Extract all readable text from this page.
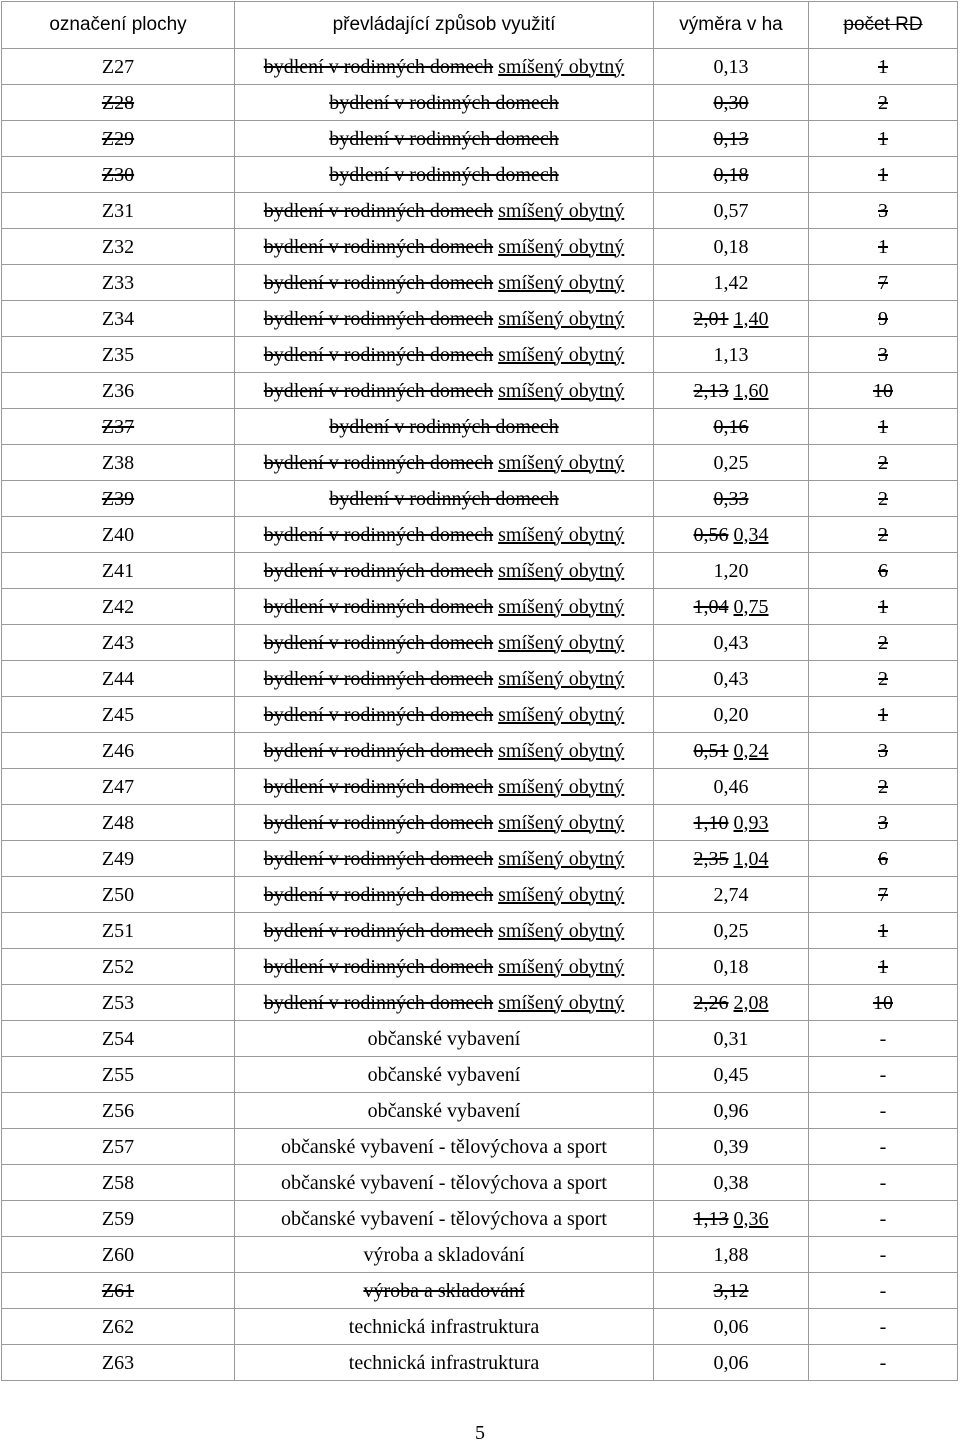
označení plochy	převládající způsob využití	výměra v ha	počet RD
Z27	bydlení v rodinných domech smíšený obytný	0,13	1
Z28	bydlení v rodinných domech	0,30	2
Z29	bydlení v rodinných domech	0,13	1
Z30	bydlení v rodinných domech	0,18	1
Z31	bydlení v rodinných domech smíšený obytný	0,57	3
Z32	bydlení v rodinných domech smíšený obytný	0,18	1
Z33	bydlení v rodinných domech smíšený obytný	1,42	7
Z34	bydlení v rodinných domech smíšený obytný	2,01 1,40	9
Z35	bydlení v rodinných domech smíšený obytný	1,13	3
Z36	bydlení v rodinných domech smíšený obytný	2,13 1,60	10
Z37	bydlení v rodinných domech	0,16	1
Z38	bydlení v rodinných domech smíšený obytný	0,25	2
Z39	bydlení v rodinných domech	0,33	2
Z40	bydlení v rodinných domech smíšený obytný	0,56 0,34	2
Z41	bydlení v rodinných domech smíšený obytný	1,20	6
Z42	bydlení v rodinných domech smíšený obytný	1,04 0,75	1
Z43	bydlení v rodinných domech smíšený obytný	0,43	2
Z44	bydlení v rodinných domech smíšený obytný	0,43	2
Z45	bydlení v rodinných domech smíšený obytný	0,20	1
Z46	bydlení v rodinných domech smíšený obytný	0,51 0,24	3
Z47	bydlení v rodinných domech smíšený obytný	0,46	2
Z48	bydlení v rodinných domech smíšený obytný	1,10 0,93	3
Z49	bydlení v rodinných domech smíšený obytný	2,35 1,04	6
Z50	bydlení v rodinných domech smíšený obytný	2,74	7
Z51	bydlení v rodinných domech smíšený obytný	0,25	1
Z52	bydlení v rodinných domech smíšený obytný	0,18	1
Z53	bydlení v rodinných domech smíšený obytný	2,26 2,08	10
Z54	občanské vybavení	0,31	-
Z55	občanské vybavení	0,45	-
Z56	občanské vybavení	0,96	-
Z57	občanské vybavení - tělovýchova a sport	0,39	-
Z58	občanské vybavení - tělovýchova a sport	0,38	-
Z59	občanské vybavení - tělovýchova a sport	1,13 0,36	-
Z60	výroba a skladování	1,88	-
Z61	výroba a skladování	3,12	-
Z62	technická infrastruktura	0,06	-
Z63	technická infrastruktura	0,06	-
5
